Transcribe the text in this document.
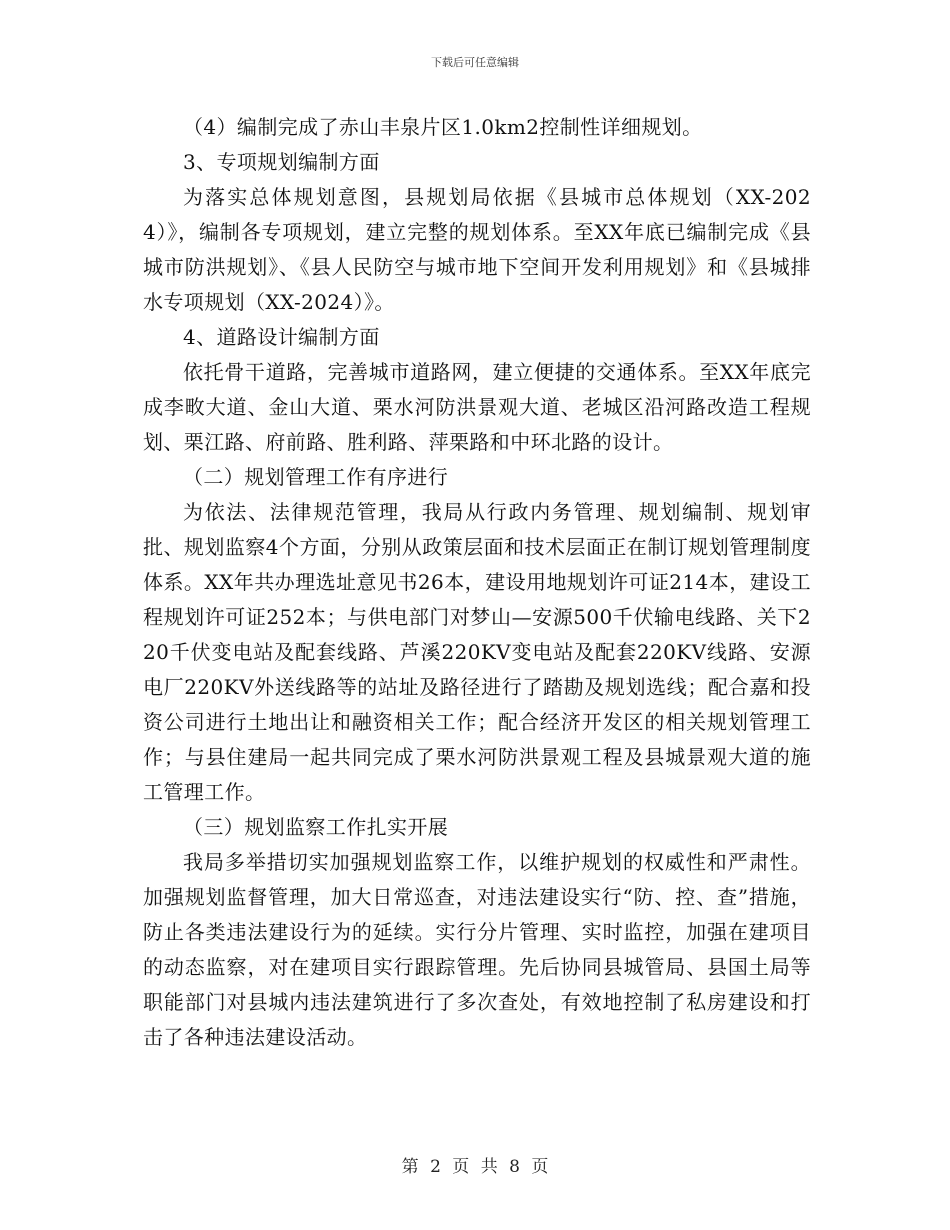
下载后可任意编辑

（4）编制完成了赤山丰泉片区1.0km2控制性详细规划。

3、专项规划编制方面

为落实总体规划意图，县规划局依据《县城市总体规划（XX-2024）》，编制各专项规划，建立完整的规划体系。至XX年底已编制完成《县城市防洪规划》、《县人民防空与城市地下空间开发利用规划》和《县城排水专项规划（XX-2024）》。

4、道路设计编制方面

依托骨干道路，完善城市道路网，建立便捷的交通体系。至XX年底完成李畋大道、金山大道、栗水河防洪景观大道、老城区沿河路改造工程规划、栗江路、府前路、胜利路、萍栗路和中环北路的设计。

（二）规划管理工作有序进行

为依法、法律规范管理，我局从行政内务管理、规划编制、规划审批、规划监察4个方面，分别从政策层面和技术层面正在制订规划管理制度体系。XX年共办理选址意见书26本，建设用地规划许可证214本，建设工程规划许可证252本；与供电部门对梦山—安源500千伏输电线路、关下220千伏变电站及配套线路、芦溪220KV变电站及配套220KV线路、安源电厂220KV外送线路等的站址及路径进行了踏勘及规划选线；配合嘉和投资公司进行土地出让和融资相关工作；配合经济开发区的相关规划管理工作；与县住建局一起共同完成了栗水河防洪景观工程及县城景观大道的施工管理工作。

（三）规划监察工作扎实开展

我局多举措切实加强规划监察工作，以维护规划的权威性和严肃性。加强规划监督管理，加大日常巡查，对违法建设实行“防、控、查”措施，防止各类违法建设行为的延续。实行分片管理、实时监控，加强在建项目的动态监察，对在建项目实行跟踪管理。先后协同县城管局、县国土局等职能部门对县城内违法建筑进行了多次查处，有效地控制了私房建设和打击了各种违法建设活动。

第 2 页 共 8 页
